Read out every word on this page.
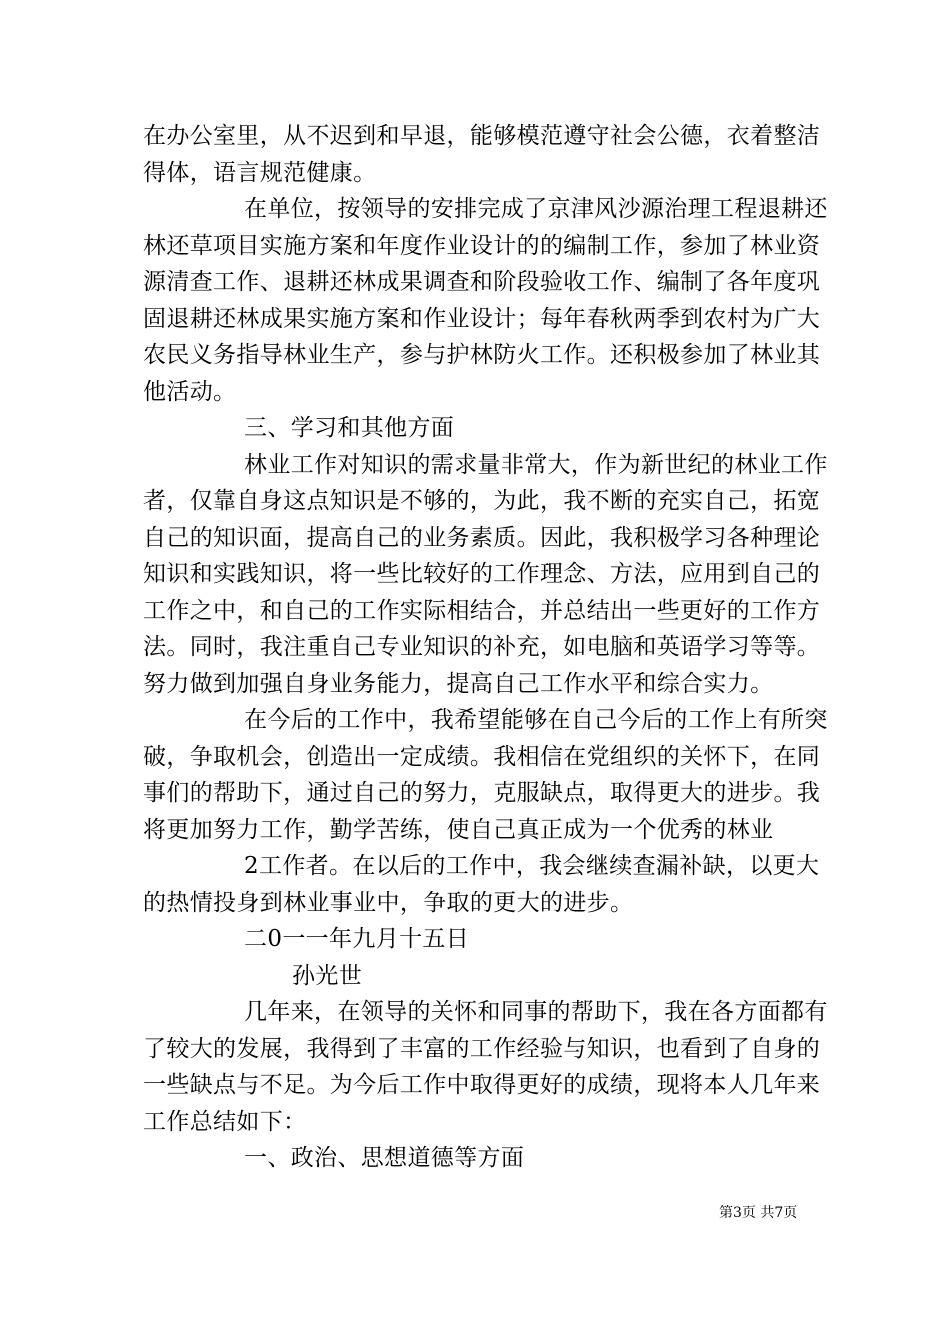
在办公室里，从不迟到和早退，能够模范遵守社会公德，衣着整洁
得体，语言规范健康。
在单位，按领导的安排完成了京津风沙源治理工程退耕还
林还草项目实施方案和年度作业设计的的编制工作，参加了林业资
源清查工作、退耕还林成果调查和阶段验收工作、编制了各年度巩
固退耕还林成果实施方案和作业设计；每年春秋两季到农村为广大
农民义务指导林业生产，参与护林防火工作。还积极参加了林业其
他活动。
三、学习和其他方面
林业工作对知识的需求量非常大，作为新世纪的林业工作
者，仅靠自身这点知识是不够的，为此，我不断的充实自己，拓宽
自己的知识面，提高自己的业务素质。因此，我积极学习各种理论
知识和实践知识，将一些比较好的工作理念、方法，应用到自己的
工作之中，和自己的工作实际相结合，并总结出一些更好的工作方
法。同时，我注重自己专业知识的补充，如电脑和英语学习等等。
努力做到加强自身业务能力，提高自己工作水平和综合实力。
在今后的工作中，我希望能够在自己今后的工作上有所突
破，争取机会，创造出一定成绩。我相信在党组织的关怀下，在同
事们的帮助下，通过自己的努力，克服缺点，取得更大的进步。我
将更加努力工作，勤学苦练，使自己真正成为一个优秀的林业
2工作者。在以后的工作中，我会继续查漏补缺，以更大
的热情投身到林业事业中，争取的更大的进步。
二0一一年九月十五日
孙光世
几年来，在领导的关怀和同事的帮助下，我在各方面都有
了较大的发展，我得到了丰富的工作经验与知识，也看到了自身的
一些缺点与不足。为今后工作中取得更好的成绩，现将本人几年来
工作总结如下：
一、政治、思想道德等方面
第3页 共7页
